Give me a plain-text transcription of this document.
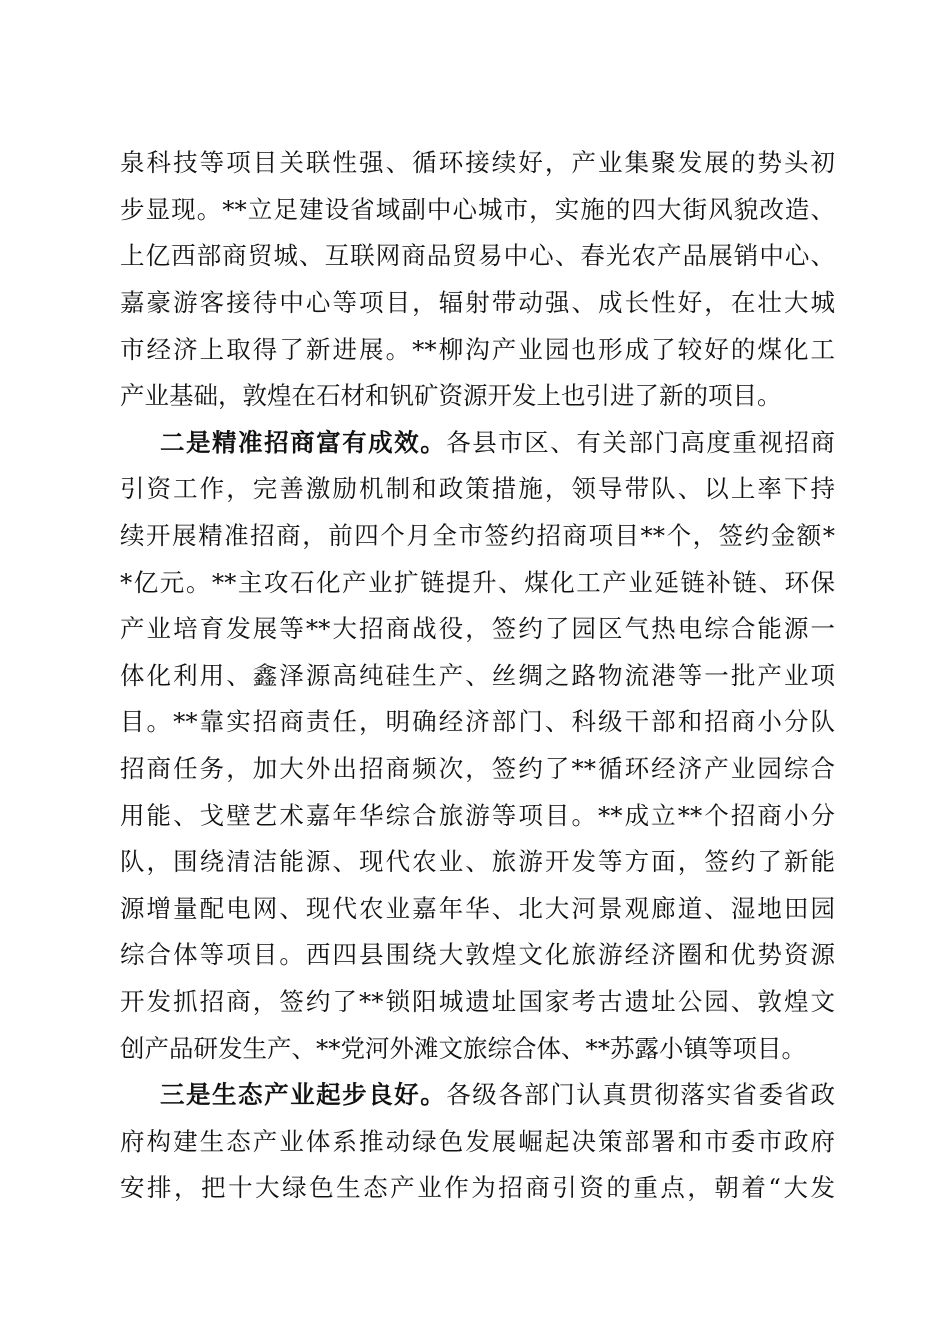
泉科技等项目关联性强、循环接续好，产业集聚发展的势头初
步显现。**立足建设省域副中心城市，实施的四大街风貌改造、
上亿西部商贸城、互联网商品贸易中心、春光农产品展销中心、
嘉豪游客接待中心等项目，辐射带动强、成长性好，在壮大城
市经济上取得了新进展。**柳沟产业园也形成了较好的煤化工
产业基础，敦煌在石材和钒矿资源开发上也引进了新的项目。
二是精准招商富有成效。各县市区、有关部门高度重视招商
引资工作，完善激励机制和政策措施，领导带队、以上率下持
续开展精准招商，前四个月全市签约招商项目**个，签约金额*
*亿元。**主攻石化产业扩链提升、煤化工产业延链补链、环保
产业培育发展等**大招商战役，签约了园区气热电综合能源一
体化利用、鑫泽源高纯硅生产、丝绸之路物流港等一批产业项
目。**靠实招商责任，明确经济部门、科级干部和招商小分队
招商任务，加大外出招商频次，签约了**循环经济产业园综合
用能、戈壁艺术嘉年华综合旅游等项目。**成立**个招商小分
队，围绕清洁能源、现代农业、旅游开发等方面，签约了新能
源增量配电网、现代农业嘉年华、北大河景观廊道、湿地田园
综合体等项目。西四县围绕大敦煌文化旅游经济圈和优势资源
开发抓招商，签约了**锁阳城遗址国家考古遗址公园、敦煌文
创产品研发生产、**党河外滩文旅综合体、**苏露小镇等项目。
三是生态产业起步良好。各级各部门认真贯彻落实省委省政
府构建生态产业体系推动绿色发展崛起决策部署和市委市政府
安排，把十大绿色生态产业作为招商引资的重点，朝着“大发
